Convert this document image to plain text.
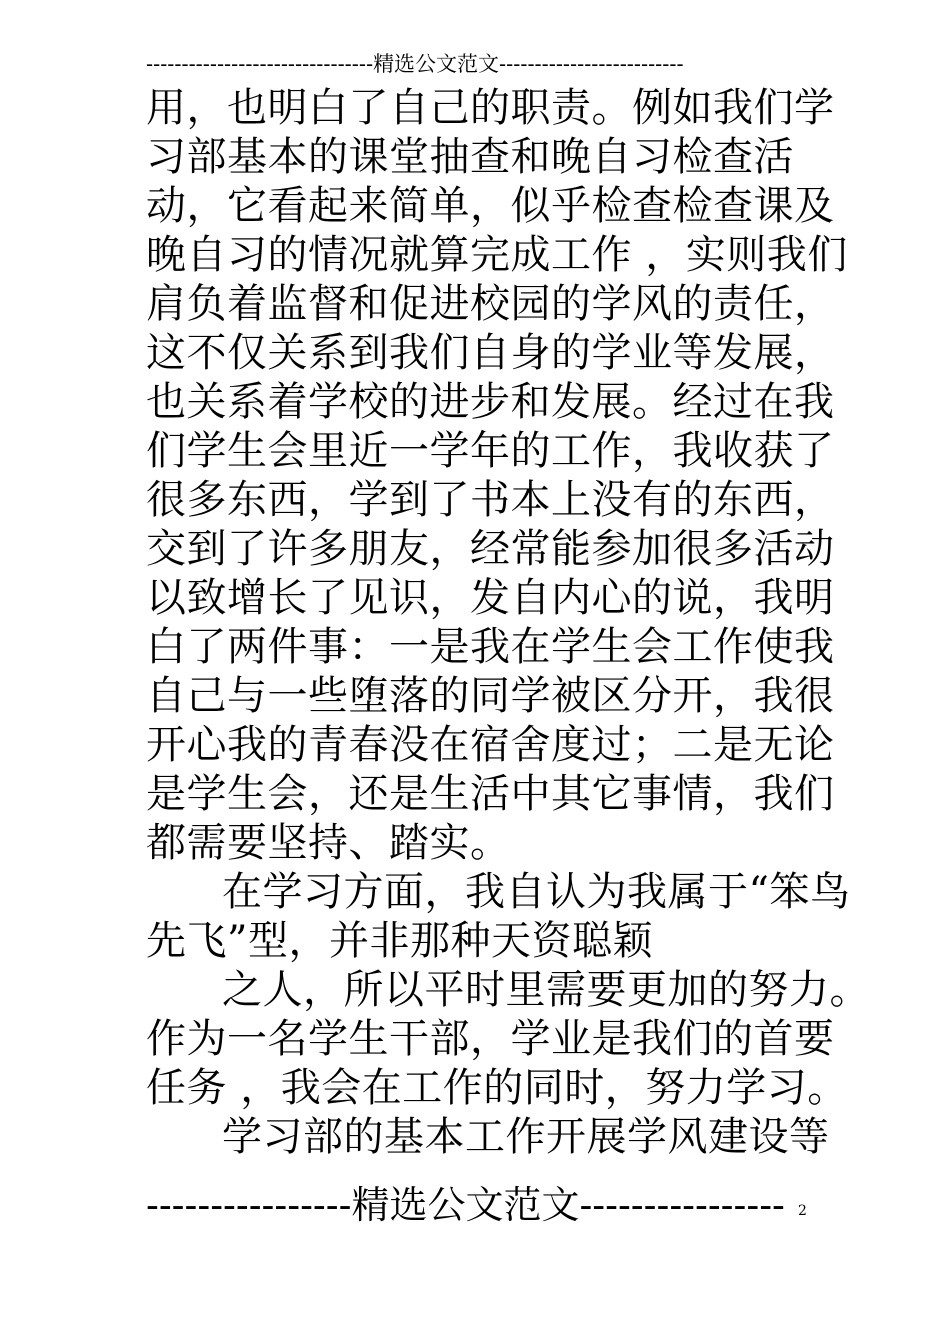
--------------------------------精选公文范文--------------------------
用，也明白了自己的职责。例如我们学
习部基本的课堂抽查和晚自习检查活
动，它看起来简单，似乎检查检查课及
晚自习的情况就算完成工作 ，实则我们
肩负着监督和促进校园的学风的责任，
这不仅关系到我们自身的学业等发展，
也关系着学校的进步和发展。经过在我
们学生会里近一学年的工作，我收获了
很多东西，学到了书本上没有的东西，
交到了许多朋友，经常能参加很多活动
以致增长了见识，发自内心的说，我明
白了两件事：一是我在学生会工作使我
自己与一些堕落的同学被区分开，我很
开心我的青春没在宿舍度过；二是无论
是学生会，还是生活中其它事情，我们
都需要坚持、踏实。
在学习方面，我自认为我属于“笨鸟
先飞”型，并非那种天资聪颖
之人，所以平时里需要更加的努力。
作为一名学生干部，学业是我们的首要
任务 ，我会在工作的同时，努力学习。
学习部的基本工作开展学风建设等
----------------精选公文范文---------------- 2
